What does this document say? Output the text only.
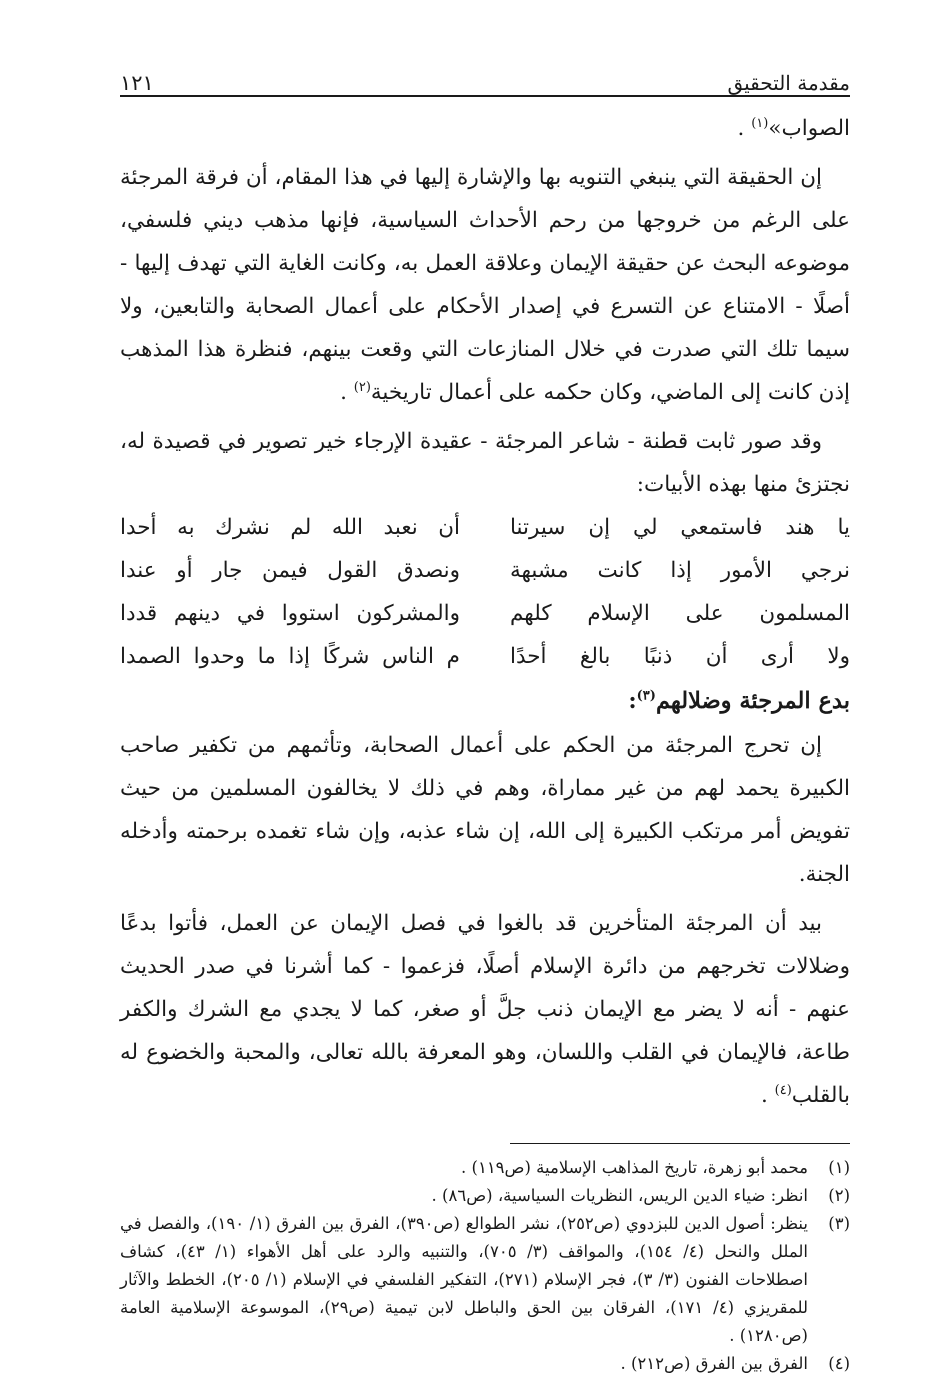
مقدمة التحقيق
١٢١

الصواب»$^{(١)}$ .

إن الحقيقة التي ينبغي التنويه بها والإشارة إليها في هذا المقام، أن فرقة المرجئة على الرغم من خروجها من رحم الأحداث السياسية، فإنها مذهب ديني فلسفي، موضوعه البحث عن حقيقة الإيمان وعلاقة العمل به، وكانت الغاية التي تهدف إليها - أصلًا - الامتناع عن التسرع في إصدار الأحكام على أعمال الصحابة والتابعين، ولا سيما تلك التي صدرت في خلال المنازعات التي وقعت بينهم، فنظرة هذا المذهب إذن كانت إلى الماضي، وكان حكمه على أعمال تاريخية$^{(٢)}$ .

وقد صور ثابت قطنة - شاعر المرجئة - عقيدة الإرجاء خير تصوير في قصيدة له، نجتزئ منها بهذه الأبيات:

يا هند فاستمعي لي إن سيرتنا
أن نعبد الله لم نشرك به أحدا
نرجي الأمور إذا كانت مشبهة
ونصدق القول فيمن جار أو عندا
المسلمون على الإسلام كلهم
والمشركون استووا في دينهم قددا
ولا أرى أن ذنبًا بالغ أحدًا
م الناس شركًا إذا ما وحدوا الصمدا

بدع المرجئة وضلالهم$^{(٣)}$:

إن تحرج المرجئة من الحكم على أعمال الصحابة، وتأثمهم من تكفير صاحب الكبيرة يحمد لهم من غير مماراة، وهم في ذلك لا يخالفون المسلمين من حيث تفويض أمر مرتكب الكبيرة إلى الله، إن شاء عذبه، وإن شاء تغمده برحمته وأدخله الجنة.

بيد أن المرجئة المتأخرين قد بالغوا في فصل الإيمان عن العمل، فأتوا بدعًا وضلالات تخرجهم من دائرة الإسلام أصلًا، فزعموا - كما أشرنا في صدر الحديث عنهم - أنه لا يضر مع الإيمان ذنب جلَّ أو صغر، كما لا يجدي مع الشرك والكفر طاعة، فالإيمان في القلب واللسان، وهو المعرفة بالله تعالى، والمحبة والخضوع له بالقلب$^{(٤)}$ .

(١)
محمد أبو زهرة، تاريخ المذاهب الإسلامية (ص١١٩) .
(٢)
انظر: ضياء الدين الريس، النظريات السياسية، (ص٨٦) .
(٣)
ينظر: أصول الدين للبزدوي (ص٢٥٢)، نشر الطوالع (ص٣٩٠)، الفرق بين الفرق (١/ ١٩٠)، والفصل في الملل والنحل (٤/ ١٥٤)، والمواقف (٣/ ٧٠٥)، والتنبيه والرد على أهل الأهواء (١/ ٤٣)، كشاف اصطلاحات الفنون (٣/ ٣)، فجر الإسلام (٢٧١)، التفكير الفلسفي في الإسلام (١/ ٢٠٥)، الخطط والآثار للمقريزي (٤/ ١٧١)، الفرقان بين الحق والباطل لابن تيمية (ص٢٩)، الموسوعة الإسلامية العامة (ص١٢٨٠) .
(٤)
الفرق بين الفرق (ص٢١٢) .
